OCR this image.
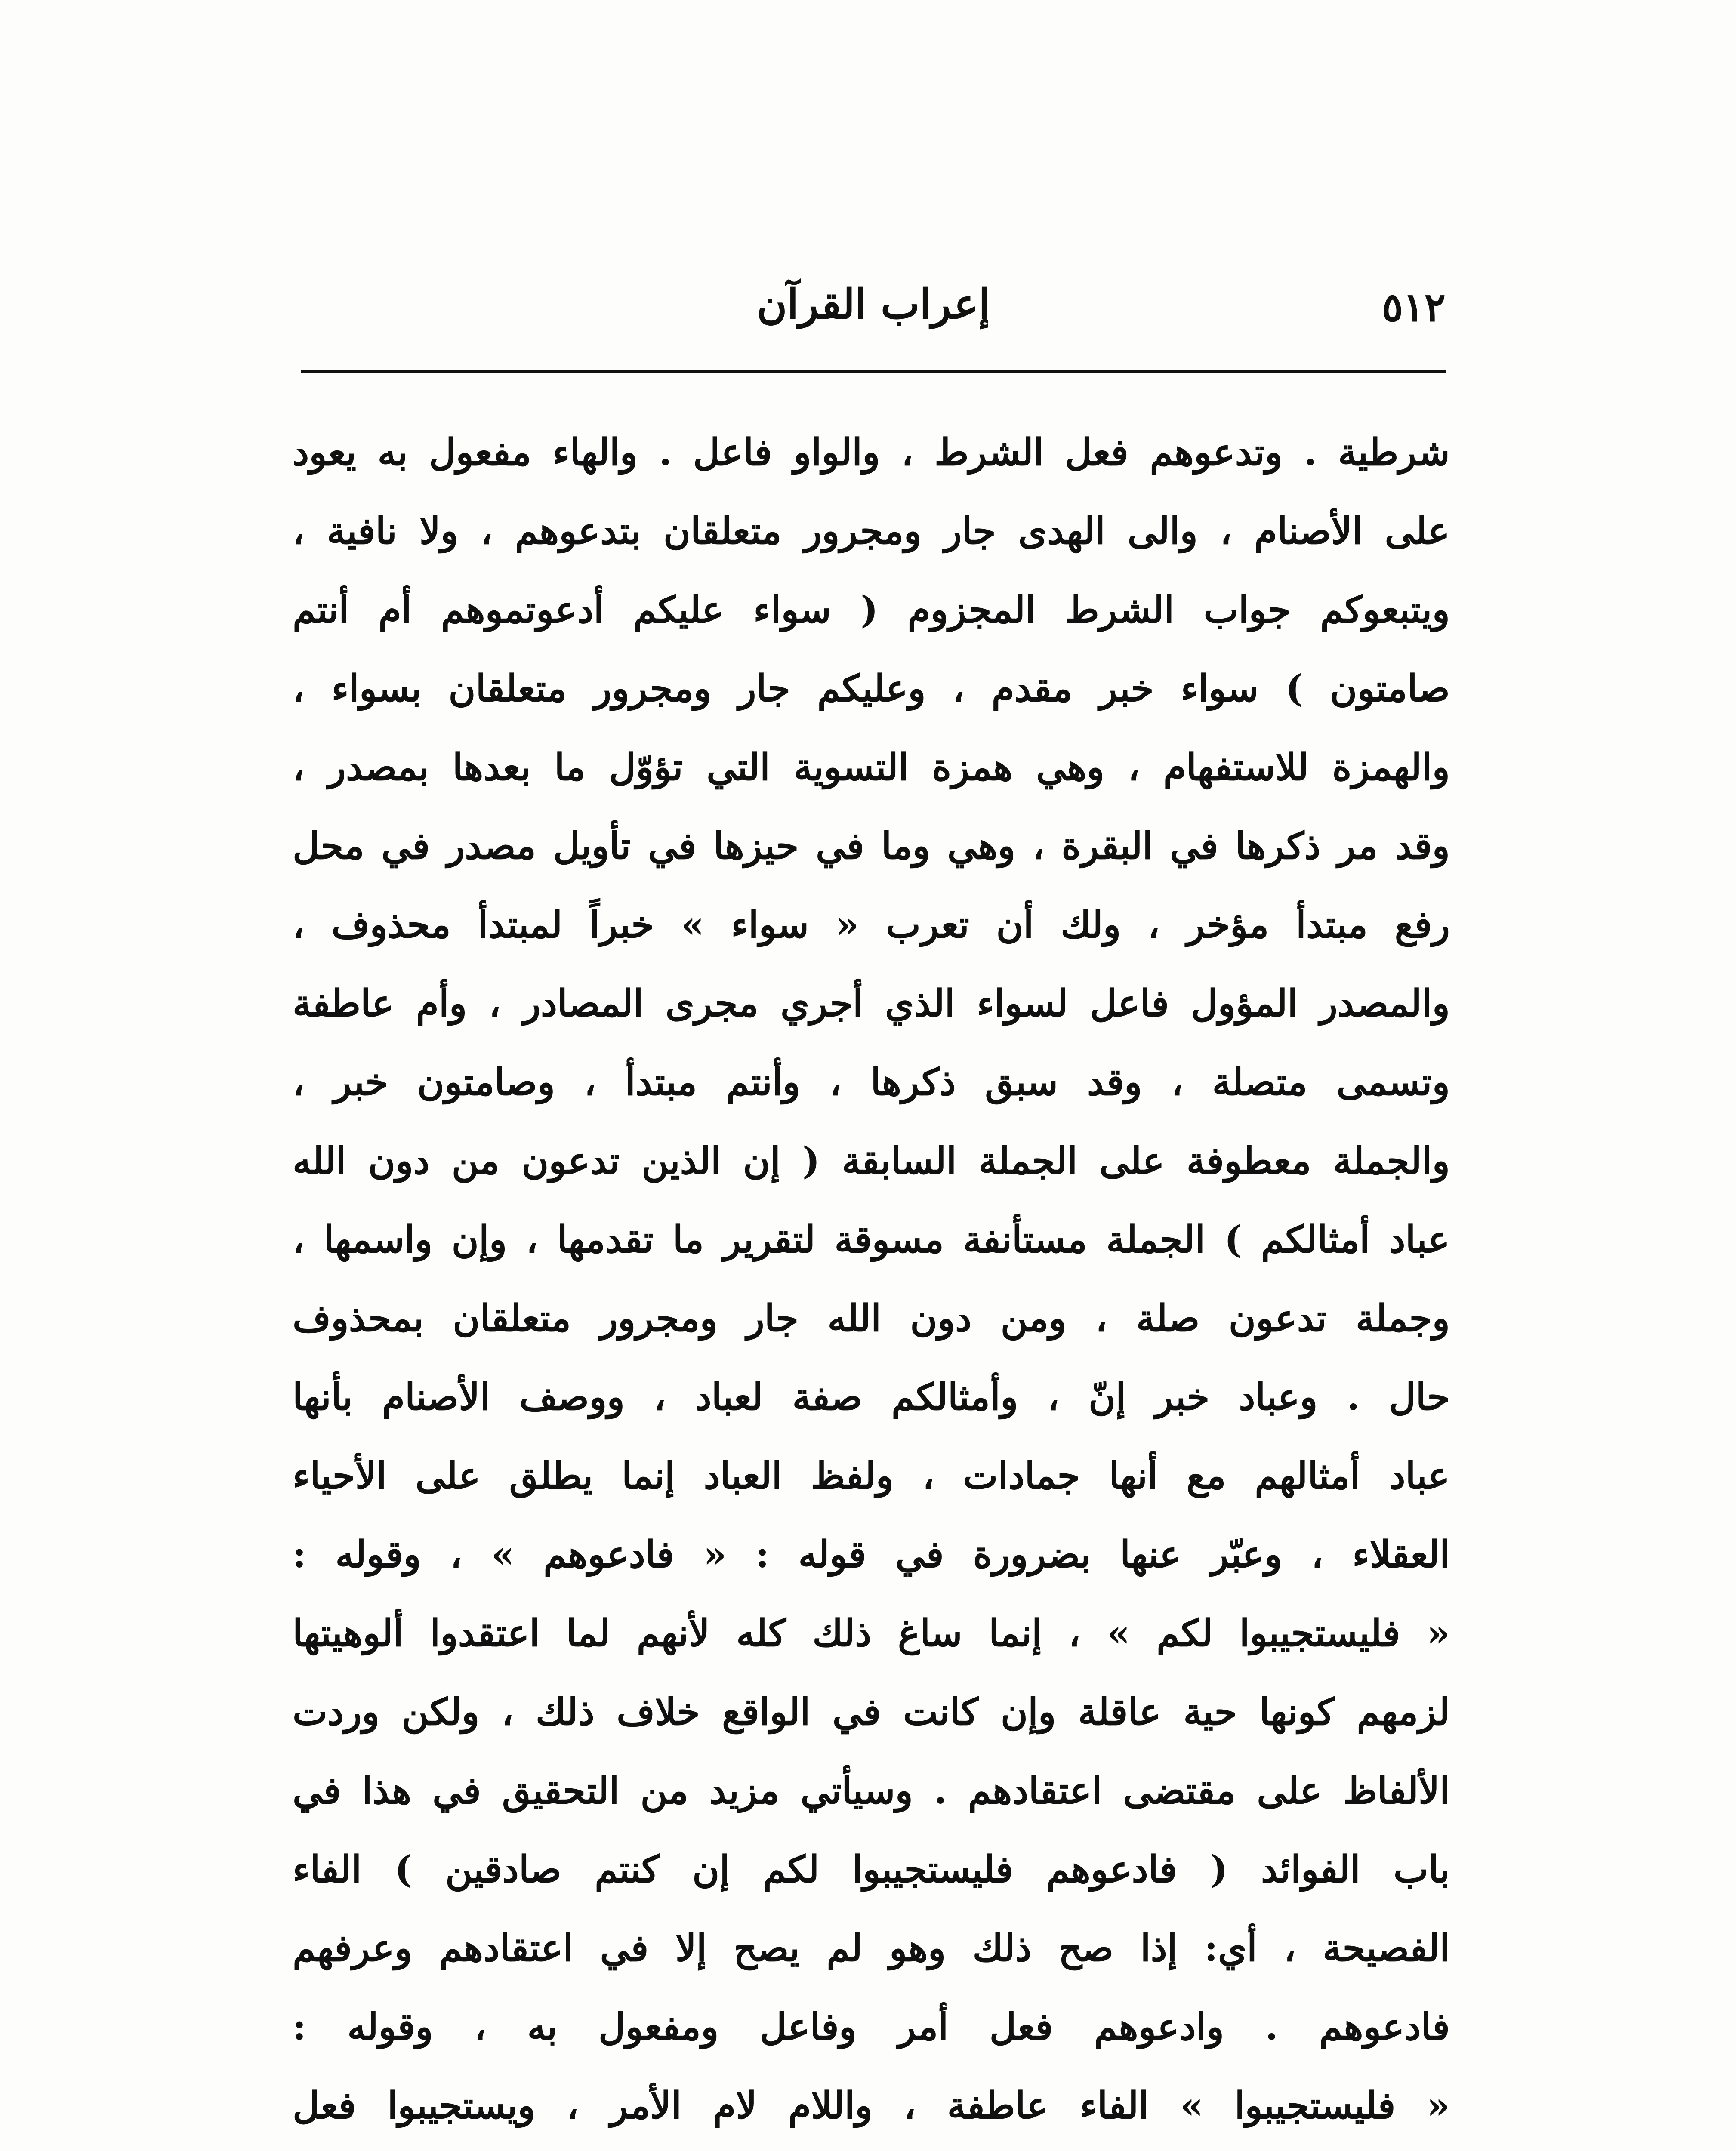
٥١٢
إعراب القرآن
شرطية . وتدعوهم فعل الشرط ، والواو فاعل . والهاء مفعول به يعود
على الأصنام ، والى الهدى جار ومجرور متعلقان بتدعوهم ، ولا نافية ،
ويتبعوكم جواب الشرط المجزوم ( سواء عليكم أدعوتموهم أم أنتم
صامتون ) سواء خبر مقدم ، وعليكم جار ومجرور متعلقان بسواء ،
والهمزة للاستفهام ، وهي همزة التسوية التي تؤوّل ما بعدها بمصدر ،
وقد مر ذكرها في البقرة ، وهي وما في حيزها في تأويل مصدر في محل
رفع مبتدأ مؤخر ، ولك أن تعرب « سواء » خبراً لمبتدأ محذوف ،
والمصدر المؤول فاعل لسواء الذي أجري مجرى المصادر ، وأم عاطفة
وتسمى متصلة ، وقد سبق ذكرها ، وأنتم مبتدأ ، وصامتون خبر ،
والجملة معطوفة على الجملة السابقة ( إن الذين تدعون من دون الله
عباد أمثالكم ) الجملة مستأنفة مسوقة لتقرير ما تقدمها ، وإن واسمها ،
وجملة تدعون صلة ، ومن دون الله جار ومجرور متعلقان بمحذوف
حال . وعباد خبر إنّ ، وأمثالكم صفة لعباد ، ووصف الأصنام بأنها
عباد أمثالهم مع أنها جمادات ، ولفظ العباد إنما يطلق على الأحياء
العقلاء ، وعبّر عنها بضرورة في قوله : « فادعوهم » ، وقوله :
« فليستجيبوا لكم » ، إنما ساغ ذلك كله لأنهم لما اعتقدوا ألوهيتها
لزمهم كونها حية عاقلة وإن كانت في الواقع خلاف ذلك ، ولكن وردت
الألفاظ على مقتضى اعتقادهم . وسيأتي مزيد من التحقيق في هذا في
باب الفوائد ( فادعوهم فليستجيبوا لكم إن كنتم صادقين ) الفاء
الفصيحة ، أي: إذا صح ذلك وهو لم يصح إلا في اعتقادهم وعرفهم
فادعوهم . وادعوهم فعل أمر وفاعل ومفعول به ، وقوله :
« فليستجيبوا » الفاء عاطفة ، واللام لام الأمر ، ويستجيبوا فعل
